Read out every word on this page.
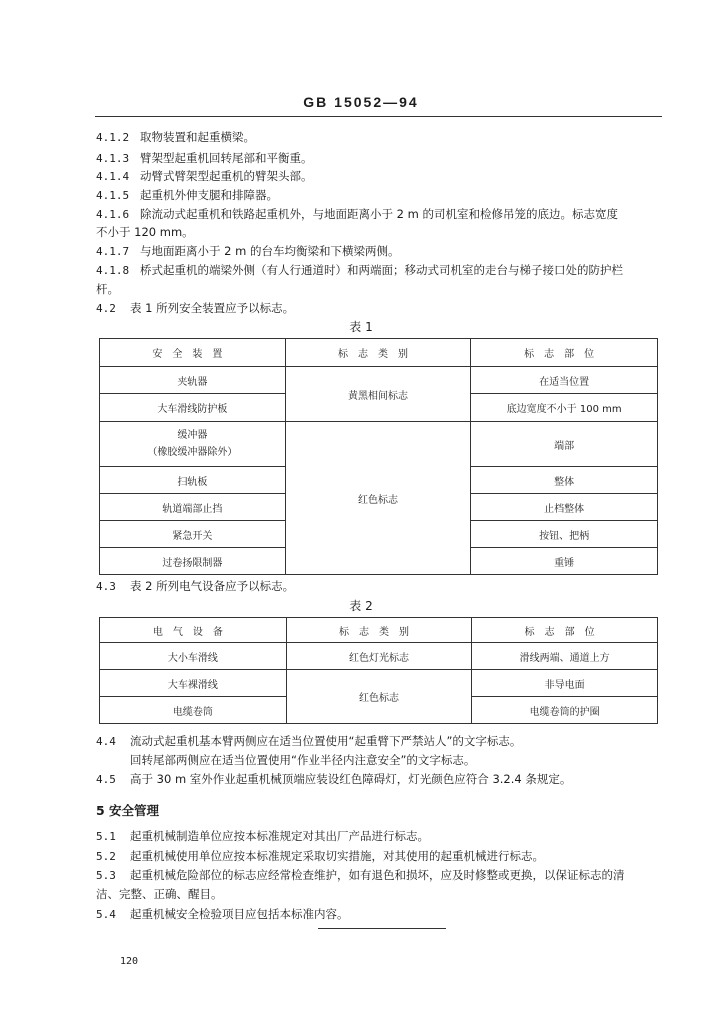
GB 15052—94
4.1.2 取物装置和起重横梁。
4.1.3 臂架型起重机回转尾部和平衡重。
4.1.4 动臂式臂架型起重机的臂架头部。
4.1.5 起重机外伸支腿和排障器。
4.1.6 除流动式起重机和铁路起重机外，与地面距离小于 2 m 的司机室和检修吊笼的底边。标志宽度
不小于 120 mm。
4.1.7 与地面距离小于 2 m 的台车均衡梁和下横梁两侧。
4.1.8 桥式起重机的端梁外侧（有人行通道时）和两端面；移动式司机室的走台与梯子接口处的防护栏
杆。
4.2 表 1 所列安全装置应予以标志。
表 1
安全装置	标志类别	标志部位
夹轨器	黄黑相间标志	在适当位置
大车滑线防护板		底边宽度不小于 100 mm
缓冲器
（橡胶缓冲器除外）	红色标志	端部
扫轨板		整体
轨道端部止挡		止档整体
紧急开关		按钮、把柄
过卷扬限制器		重锤
4.3 表 2 所列电气设备应予以标志。
表 2
电气设备	标志类别	标志部位
大小车滑线	红色灯光标志	滑线两端、通道上方
大车裸滑线	红色标志	非导电面
电缆卷筒		电缆卷筒的护圈
4.4 流动式起重机基本臂两侧应在适当位置使用“起重臂下严禁站人”的文字标志。
回转尾部两侧应在适当位置使用“作业半径内注意安全”的文字标志。
4.5 高于 30 m 室外作业起重机械顶端应装设红色障碍灯，灯光颜色应符合 3.2.4 条规定。
5 安全管理
5.1 起重机械制造单位应按本标准规定对其出厂产品进行标志。
5.2 起重机械使用单位应按本标准规定采取切实措施，对其使用的起重机械进行标志。
5.3 起重机械危险部位的标志应经常检查维护，如有退色和损坏，应及时修整或更换，以保证标志的清
洁、完整、正确、醒目。
5.4 起重机械安全检验项目应包括本标准内容。
120
